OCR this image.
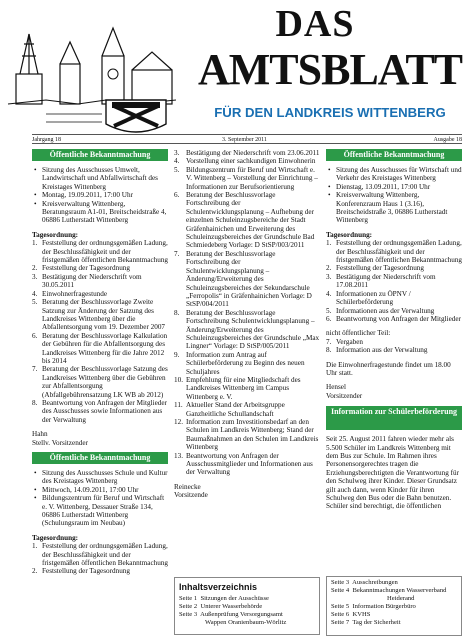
DAS
AMTSBLATT
FÜR DEN LANDKREIS WITTENBERG
Jahrgang 18	3. September 2011	Ausgabe 18
Öffentliche Bekanntmachung
• Sitzung des Ausschusses Umwelt, Landwirtschaft und Abfallwirtschaft des Kreistages Wittenberg
• Montag, 19.09.2011, 17:00 Uhr
• Kreisverwaltung Wittenberg, Beratungsraum A1-01, Breitscheidstraße 4, 06886 Lutherstadt Wittenberg
Tagesordnung:
1. Feststellung der ordnungsgemäßen Ladung, der Beschlussfähigkeit und der fristgemäßen öffentlichen Bekanntmachung
2. Feststellung der Tagesordnung
3. Bestätigung der Niederschrift vom 30.05.2011
4. Einwohnerfragestunde
5. Beratung der Beschlussvorlage Zweite Satzung zur Änderung der Satzung des Landkreises Wittenberg über die Abfallentsorgung vom 19. Dezember 2007
6. Beratung der Beschlussvorlage Kalkulation der Gebühren für die Abfallentsorgung des Landkreises Wittenberg für die Jahre 2012 bis 2014
7. Beratung der Beschlussvorlage Satzung des Landkreises Wittenberg über die Gebühren zur Abfallentsorgung (Abfallgebührensatzung LK WB ab 2012)
8. Beantwortung von Anfragen der Mitglieder des Ausschusses sowie Informationen aus der Verwaltung
Hahn
Stellv. Vorsitzender
Öffentliche Bekanntmachung
• Sitzung des Ausschusses Schule und Kultur des Kreistages Wittenberg
• Mittwoch, 14.09.2011, 17:00 Uhr
• Bildungszentrum für Beruf und Wirtschaft e. V. Wittenberg, Dessauer Straße 134, 06886 Lutherstadt Wittenberg (Schulungsraum im Neubau)
Tagesordnung:
1. Feststellung der ordnungsgemäßen Ladung, der Beschlussfähigkeit und der fristgemäßen öffentlichen Bekanntmachung
2. Feststellung der Tagesordnung
3. Bestätigung der Niederschrift vom 23.06.2011
4. Vorstellung einer sachkundigen Einwohnerin
5. Bildungszentrum für Beruf und Wirtschaft e. V. Wittenberg – Vorstellung der Einrichtung – Informationen zur Berufsorientierung
6. Beratung der Beschlussvorlage Fortschreibung der Schulentwicklungsplanung – Aufhebung der einzelnen Schuleinzugsbereiche der Stadt Gräfenhainichen und Erweiterung des Schuleinzugsbereiches der Grundschule Bad Schmiedeberg Vorlage: D StSP/003/2011
7. Beratung der Beschlussvorlage Fortschreibung der Schulentwicklungsplanung – Änderung/Erweiterung des Schuleinzugsbereiches der Sekundarschule „Ferropolis“ in Gräfenhainichen Vorlage: D StSP/004/2011
8. Beratung der Beschlussvorlage Fortschreibung Schulentwicklungsplanung – Änderung/Erweiterung des Schuleinzugsbereiches der Grundschule „Max Lingner“ Vorlage: D StSP/005/2011
9. Information zum Antrag auf Schülerbeförderung zu Beginn des neuen Schuljahres
10. Empfehlung für eine Mitgliedschaft des Landkreises Wittenberg im Campus Wittenberg e. V.
11. Aktueller Stand der Arbeitsgruppe Ganzheitliche Schullandschaft
12. Information zum Investitionsbedarf an den Schulen im Landkreis Wittenberg; Stand der Baumaßnahmen an den Schulen im Landkreis Wittenberg
13. Beantwortung von Anfragen der Ausschussmitglieder und Informationen aus der Verwaltung
Reinecke
Vorsitzende
Inhaltsverzeichnis
Seite 1 Sitzungen der Ausschüsse
Seite 2 Unterer Wasserbehörde
Seite 3 Außenprüfung Versorgungsamt
Wappen Oranienbaum-Wörlitz
Öffentliche Bekanntmachung
• Sitzung des Ausschusses für Wirtschaft und Verkehr des Kreistages Wittenberg
• Dienstag, 13.09.2011, 17:00 Uhr
• Kreisverwaltung Wittenberg, Konferenzraum Haus 1 (3.16), Breitscheidstraße 3, 06886 Lutherstadt Wittenberg
Tagesordnung:
1. Feststellung der ordnungsgemäßen Ladung, der Beschlussfähigkeit und der fristgemäßen öffentlichen Bekanntmachung
2. Feststellung der Tagesordnung
3. Bestätigung der Niederschrift vom 17.08.2011
4. Informationen zu ÖPNV / Schülerbeförderung
5. Informationen aus der Verwaltung
6. Beantwortung von Anfragen der Mitglieder
nicht öffentlicher Teil:
7. Vergaben
8. Information aus der Verwaltung
Die Einwohnerfragestunde findet um 18.00 Uhr statt.
Hensel
Vorsitzender
Information zur Schülerbeförderung
Seit 25. August 2011 fahren wieder mehr als 5.500 Schüler im Landkreis Wittenberg mit dem Bus zur Schule. Im Rahmen ihres Personensorgerechtes tragen die Erziehungsberechtigten die Verantwortung für den Schulweg ihrer Kinder. Dieser Grundsatz gilt auch dann, wenn Kinder für ihren Schulweg den Bus oder die Bahn benutzen.
Schüler sind berechtigt, die öffentlichen
Seite 3 Ausschreibungen
Seite 4 Bekanntmachungen Wasserverband
Heiderand
Seite 5 Information Bürgerbüro
Seite 6 KVHS
Seite 7 Tag der Sicherheit
